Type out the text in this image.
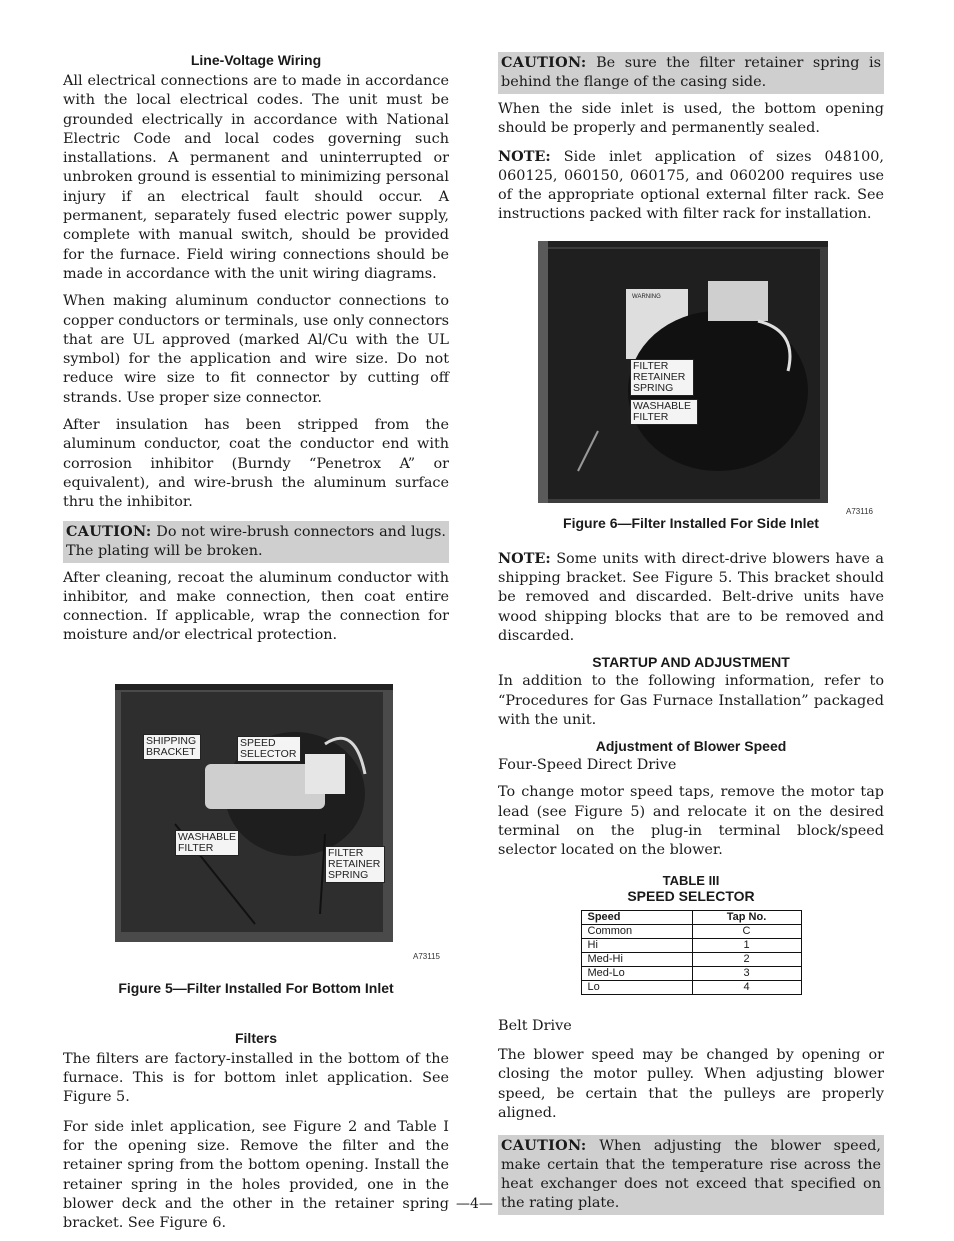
Line-Voltage Wiring

All electrical connections are to made in accordance with the local electrical codes. The unit must be grounded electrically in accordance with National Electric Code and local codes governing such installations. A permanent and uninterrupted or unbroken ground is essential to minimizing personal injury if an electrical fault should occur. A permanent, separately fused electric power supply, complete with manual switch, should be provided for the furnace. Field wiring connections should be made in accordance with the unit wiring diagrams.

When making aluminum conductor connections to copper conductors or terminals, use only connectors that are UL approved (marked Al/Cu with the UL symbol) for the application and wire size. Do not reduce wire size to fit connector by cutting off strands. Use proper size connector.

After insulation has been stripped from the aluminum conductor, coat the conductor end with corrosion inhibitor (Burndy “Penetrox A” or equivalent), and wire-brush the aluminum surface thru the inhibitor.

CAUTION: Do not wire-brush connectors and lugs. The plating will be broken.

After cleaning, recoat the aluminum conductor with inhibitor, and make connection, then coat entire connection. If applicable, wrap the connection for moisture and/or electrical protection.

SHIPPING BRACKET
SPEED SELECTOR
WASHABLE FILTER	FILTER RETAINER SPRING
A73115
Figure 5—Filter Installed For Bottom Inlet
Filters

The filters are factory-installed in the bottom of the furnace. This is for bottom inlet application. See Figure 5.

For side inlet application, see Figure 2 and Table I for the opening size. Remove the filter and the retainer spring from the bottom opening. Install the retainer spring in the holes provided, one in the blower deck and the other in the retainer spring bracket. See Figure 6.

CAUTION: Be sure the filter retainer spring is behind the flange of the casing side.

When the side inlet is used, the bottom opening should be properly and permanently sealed.

NOTE: Side inlet application of sizes 048100, 060125, 060150, 060175, and 060200 requires use of the appropriate optional external filter rack. See instructions packed with filter rack for installation.

WARNING
FILTER RETAINER SPRING
WASHABLE FILTER
A73116
Figure 6—Filter Installed For Side Inlet

NOTE: Some units with direct-drive blowers have a shipping bracket. See Figure 5. This bracket should be removed and discarded. Belt-drive units have wood shipping blocks that are to be removed and discarded.

STARTUP AND ADJUSTMENT

In addition to the following information, refer to “Procedures for Gas Furnace Installation” packaged with the unit.

Adjustment of Blower Speed

Four-Speed Direct Drive

To change motor speed taps, remove the motor tap lead (see Figure 5) and relocate it on the desired terminal on the plug-in terminal block/speed selector located on the blower.

TABLE III
SPEED SELECTOR
Speed	Tap No.
Common	C
Hi	1
Med-Hi	2
Med-Lo	3
Lo	4

Belt Drive

The blower speed may be changed by opening or closing the motor pulley. When adjusting blower speed, be certain that the pulleys are properly aligned.

CAUTION: When adjusting the blower speed, make certain that the temperature rise across the heat exchanger does not exceed that specified on the rating plate.
—4—
